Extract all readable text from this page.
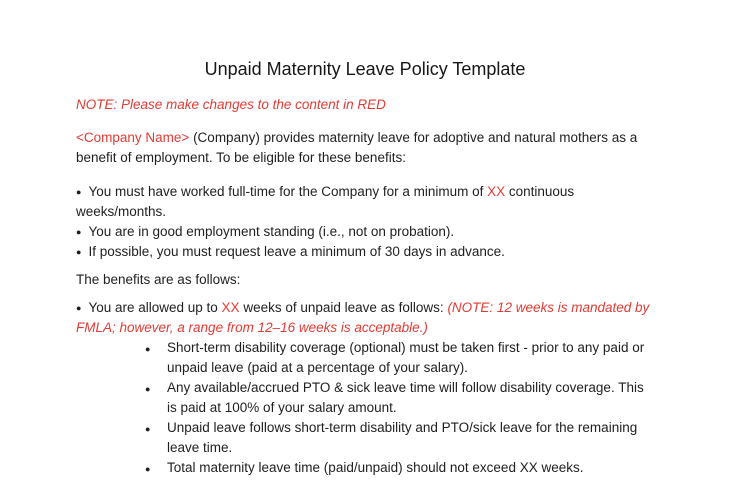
Unpaid Maternity Leave Policy Template

NOTE: Please make changes to the content in RED

<Company Name> (Company) provides maternity leave for adoptive and natural mothers as a benefit of employment. To be eligible for these benefits:

● You must have worked full-time for the Company for a minimum of XX continuous weeks/months.

● You are in good employment standing (i.e., not on probation).

● If possible, you must request leave a minimum of 30 days in advance.

The benefits are as follows:

● You are allowed up to XX weeks of unpaid leave as follows: (NOTE: 12 weeks is mandated by FMLA; however, a range from 12–16 weeks is acceptable.)

●	Short-term disability coverage (optional) must be taken first - prior to any paid or unpaid leave (paid at a percentage of your salary).
●	Any available/accrued PTO & sick leave time will follow disability coverage. This is paid at 100% of your salary amount.
●	Unpaid leave follows short-term disability and PTO/sick leave for the remaining leave time.
●	Total maternity leave time (paid/unpaid) should not exceed XX weeks.
